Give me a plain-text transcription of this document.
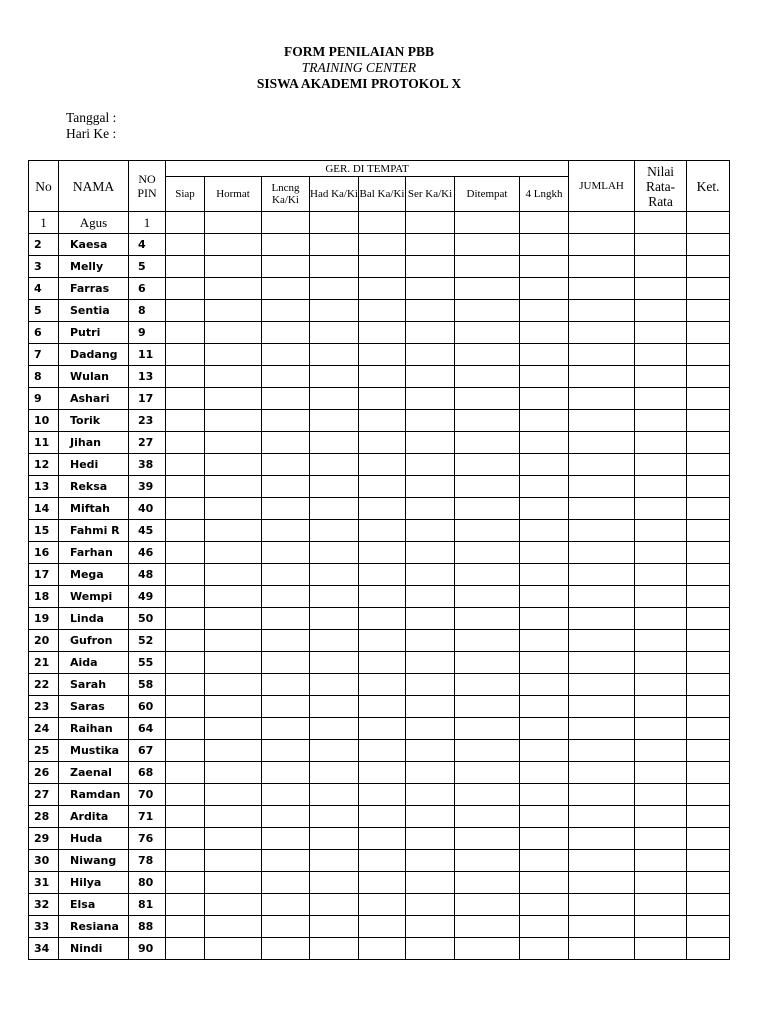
FORM PENILAIAN PBB
TRAINING CENTER
SISWA AKADEMI PROTOKOL X
Tanggal :
Hari Ke :
No	NAMA	NO PIN	GER. DI TEMPAT								JUMLAH	Nilai Rata-Rata	Ket.
			Siap	Hormat	Lncng Ka/Ki	Had Ka/Ki	Bal Ka/Ki	Ser Ka/Ki	Ditempat	4 Lngkh			
1	Agus	1											
2	Kaesa	4											
3	Melly	5											
4	Farras	6											
5	Sentia	8											
6	Putri	9											
7	Dadang	11											
8	Wulan	13											
9	Ashari	17											
10	Torik	23											
11	Jihan	27											
12	Hedi	38											
13	Reksa	39											
14	Miftah	40											
15	Fahmi R	45											
16	Farhan	46											
17	Mega	48											
18	Wempi	49											
19	Linda	50											
20	Gufron	52											
21	Aida	55											
22	Sarah	58											
23	Saras	60											
24	Raihan	64											
25	Mustika	67											
26	Zaenal	68											
27	Ramdan	70											
28	Ardita	71											
29	Huda	76											
30	Niwang	78											
31	Hilya	80											
32	Elsa	81											
33	Resiana	88											
34	Nindi	90											
